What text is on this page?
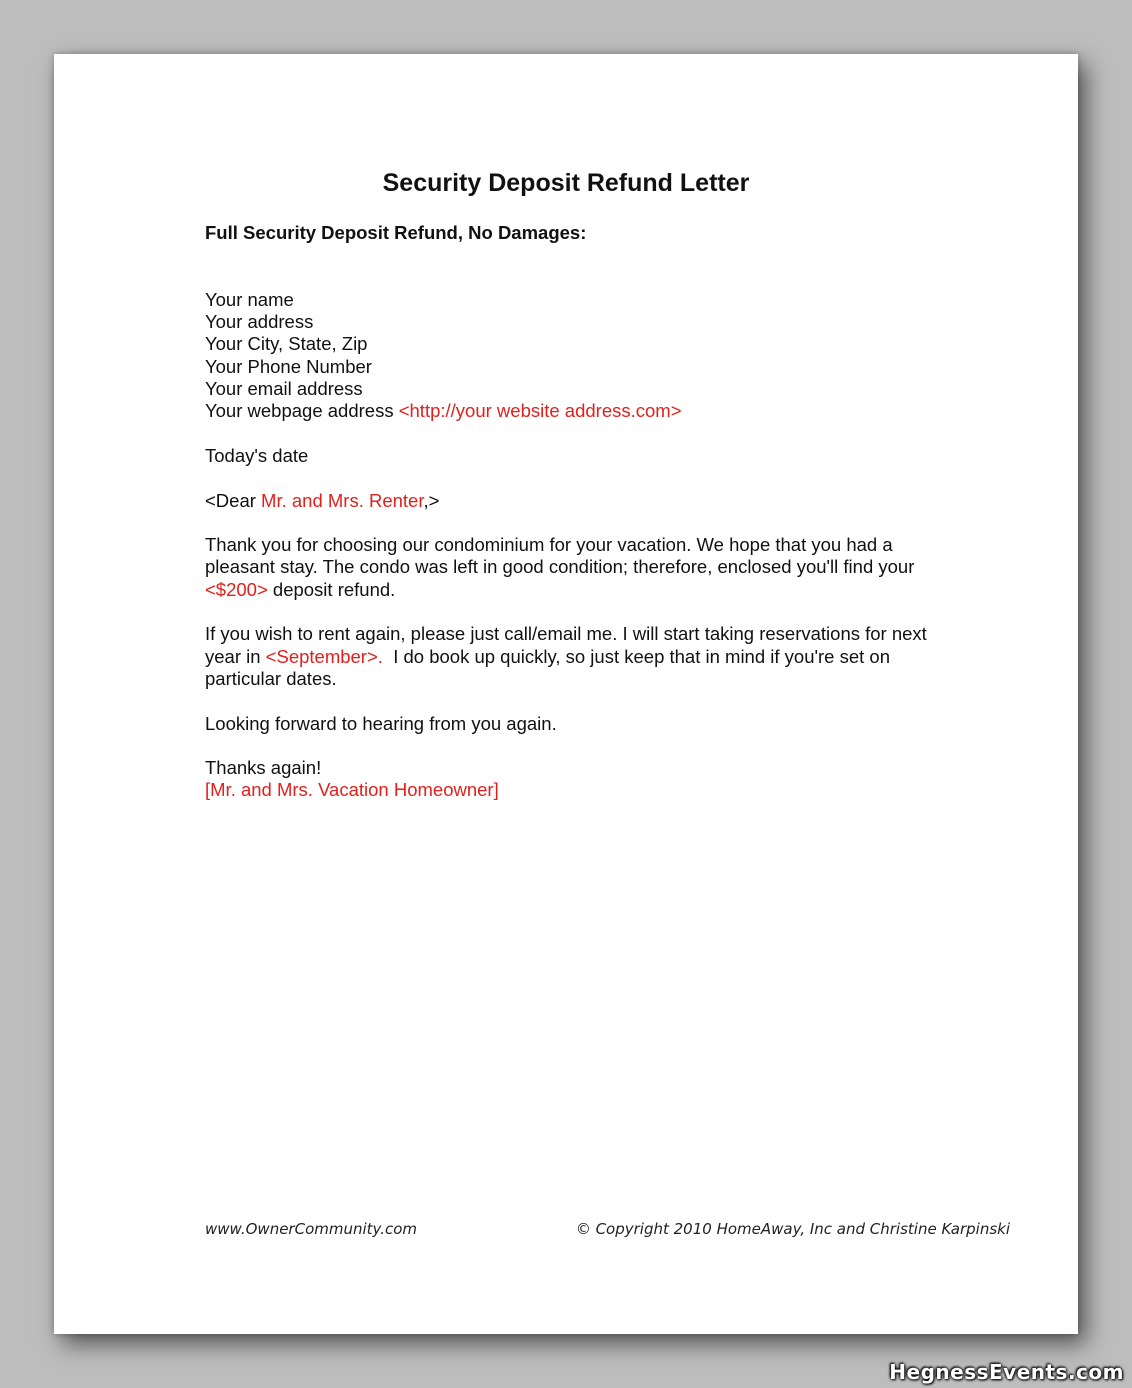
Security Deposit Refund Letter

Full Security Deposit Refund, No Damages:

Your name
Your address
Your City, State, Zip
Your Phone Number
Your email address
Your webpage address <http://your website address.com>
Today's date
<Dear Mr. and Mrs. Renter,>
Thank you for choosing our condominium for your vacation. We hope that you had a pleasant stay. The condo was left in good condition; therefore, enclosed you'll find your <$200> deposit refund.
If you wish to rent again, please just call/email me. I will start taking reservations for next year in <September>.  I do book up quickly, so just keep that in mind if you're set on particular dates.
Looking forward to hearing from you again.
Thanks again!
[Mr. and Mrs. Vacation Homeowner]
www.OwnerCommunity.com	© Copyright 2010 HomeAway, Inc and Christine Karpinski
HegnessEvents.com
